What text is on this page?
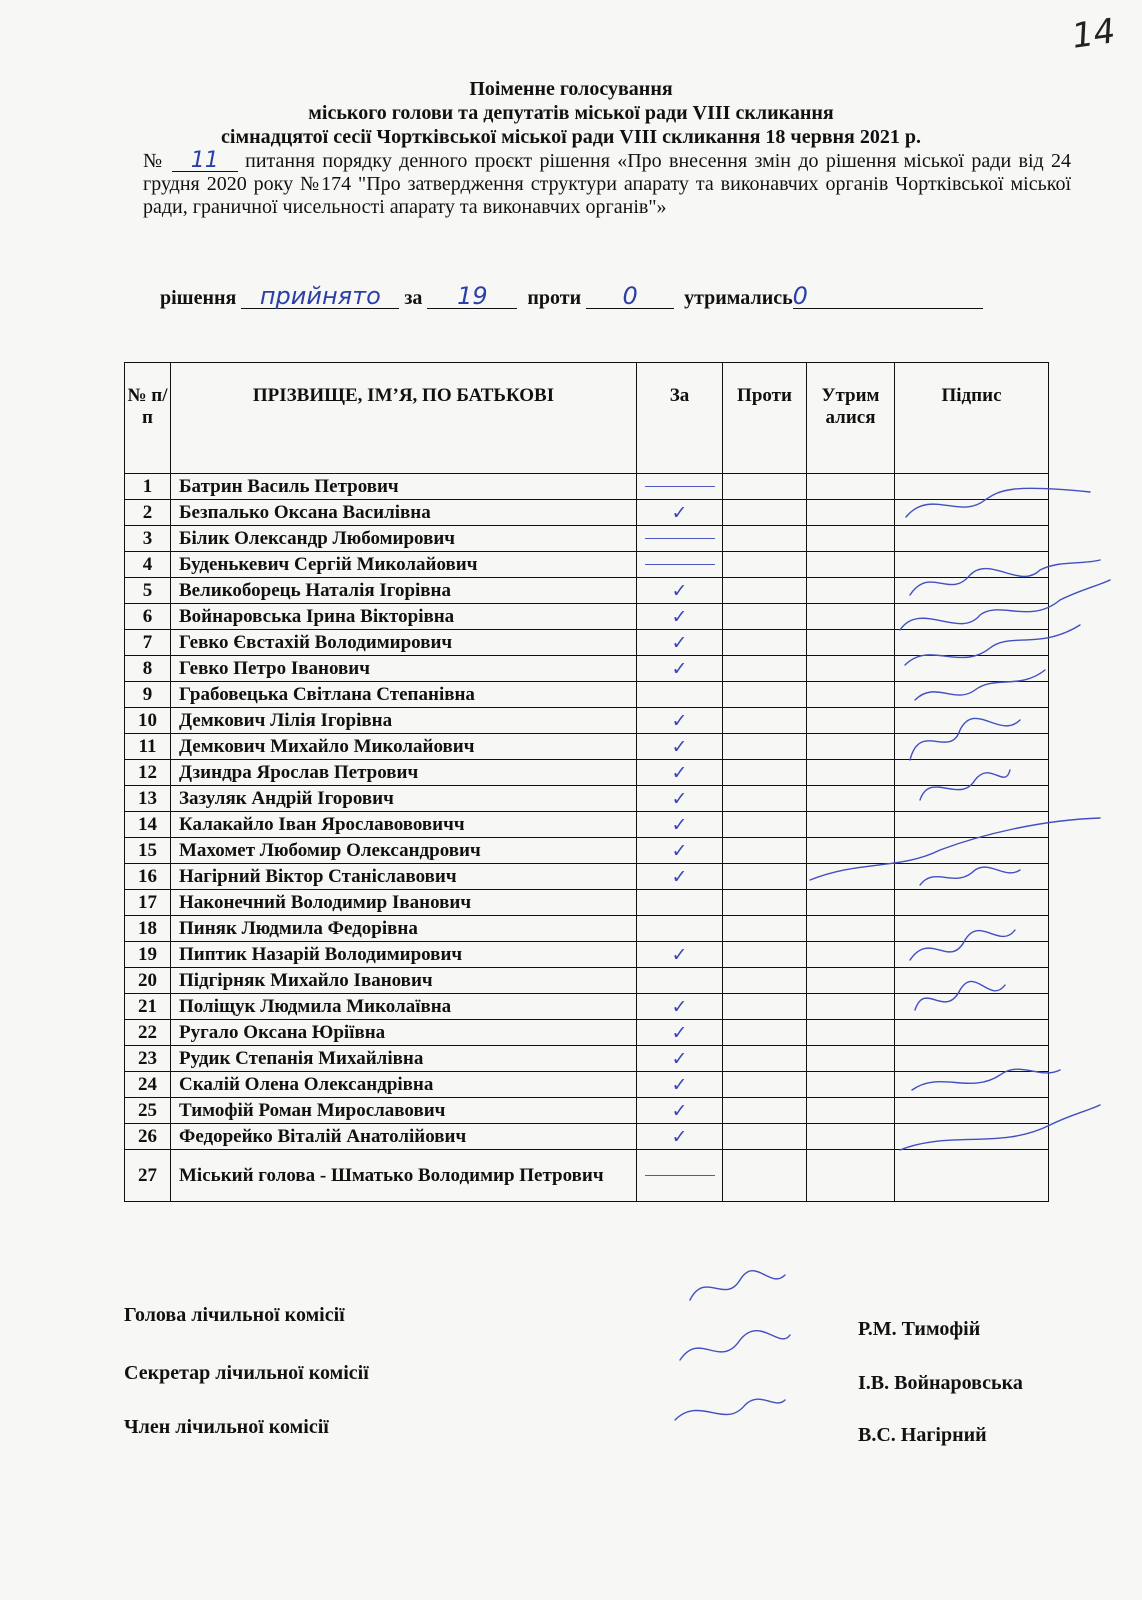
14
Поіменне голосування
міського голови та депутатів міської ради VIII скликання
сімнадцятої сесії Чортківської міської ради VIII скликання 18 червня 2021 р.
№ 11 питання порядку денного проєкт рішення «Про внесення змін до рішення міської ради від 24 грудня 2020 року №174 "Про затвердження структури апарату та виконавчих органів Чортківської міської ради, граничної чисельності апарату та виконавчих органів"»
рішення прийнято за 19 проти 0 утримались0
№ п/п	ПРІЗВИЩЕ, ІМ’Я, ПО БАТЬКОВІ	За	Проти	Утрималися	Підпис
1	Батрин Василь Петрович	

2	Безпалько Оксана Василівна	✓			
3	Білик Олександр Любомирович	

4	Буденькевич Сергій Миколайович	

5	Великоборець Наталія Ігорівна	✓			
6	Войнаровська Ірина Вікторівна	✓			
7	Гевко Євстахій Володимирович	✓			
8	Гевко Петро Іванович	✓			
9	Грабовецька Світлана Степанівна				
10	Демкович Лілія Ігорівна	✓			
11	Демкович Михайло Миколайович	✓			
12	Дзиндра Ярослав Петрович	✓			
13	Зазуляк Андрій Ігорович	✓			
14	Калакайло Іван Ярославововичч	✓			
15	Махомет Любомир Олександрович	✓			
16	Нагірний Віктор Станіславович	✓			
17	Наконечний Володимир Іванович				
18	Пиняк Людмила Федорівна				
19	Пиптик Назарій Володимирович	✓			
20	Підгірняк Михайло Іванович				
21	Поліщук Людмила Миколаївна	✓			
22	Ругало Оксана Юріївна	✓			
23	Рудик Степанія Михайлівна	✓			
24	Скалій Олена Олександрівна	✓			
25	Тимофій Роман Мирославович	✓			
26	Федорейко Віталій Анатолійович	✓			
27	Міський голова - Шматько Володимир Петрович	

Голова лічильної комісії
Секретар лічильної комісії
Член лічильної комісії
Р.М. Тимофій
І.В. Войнаровська
В.С. Нагірний
